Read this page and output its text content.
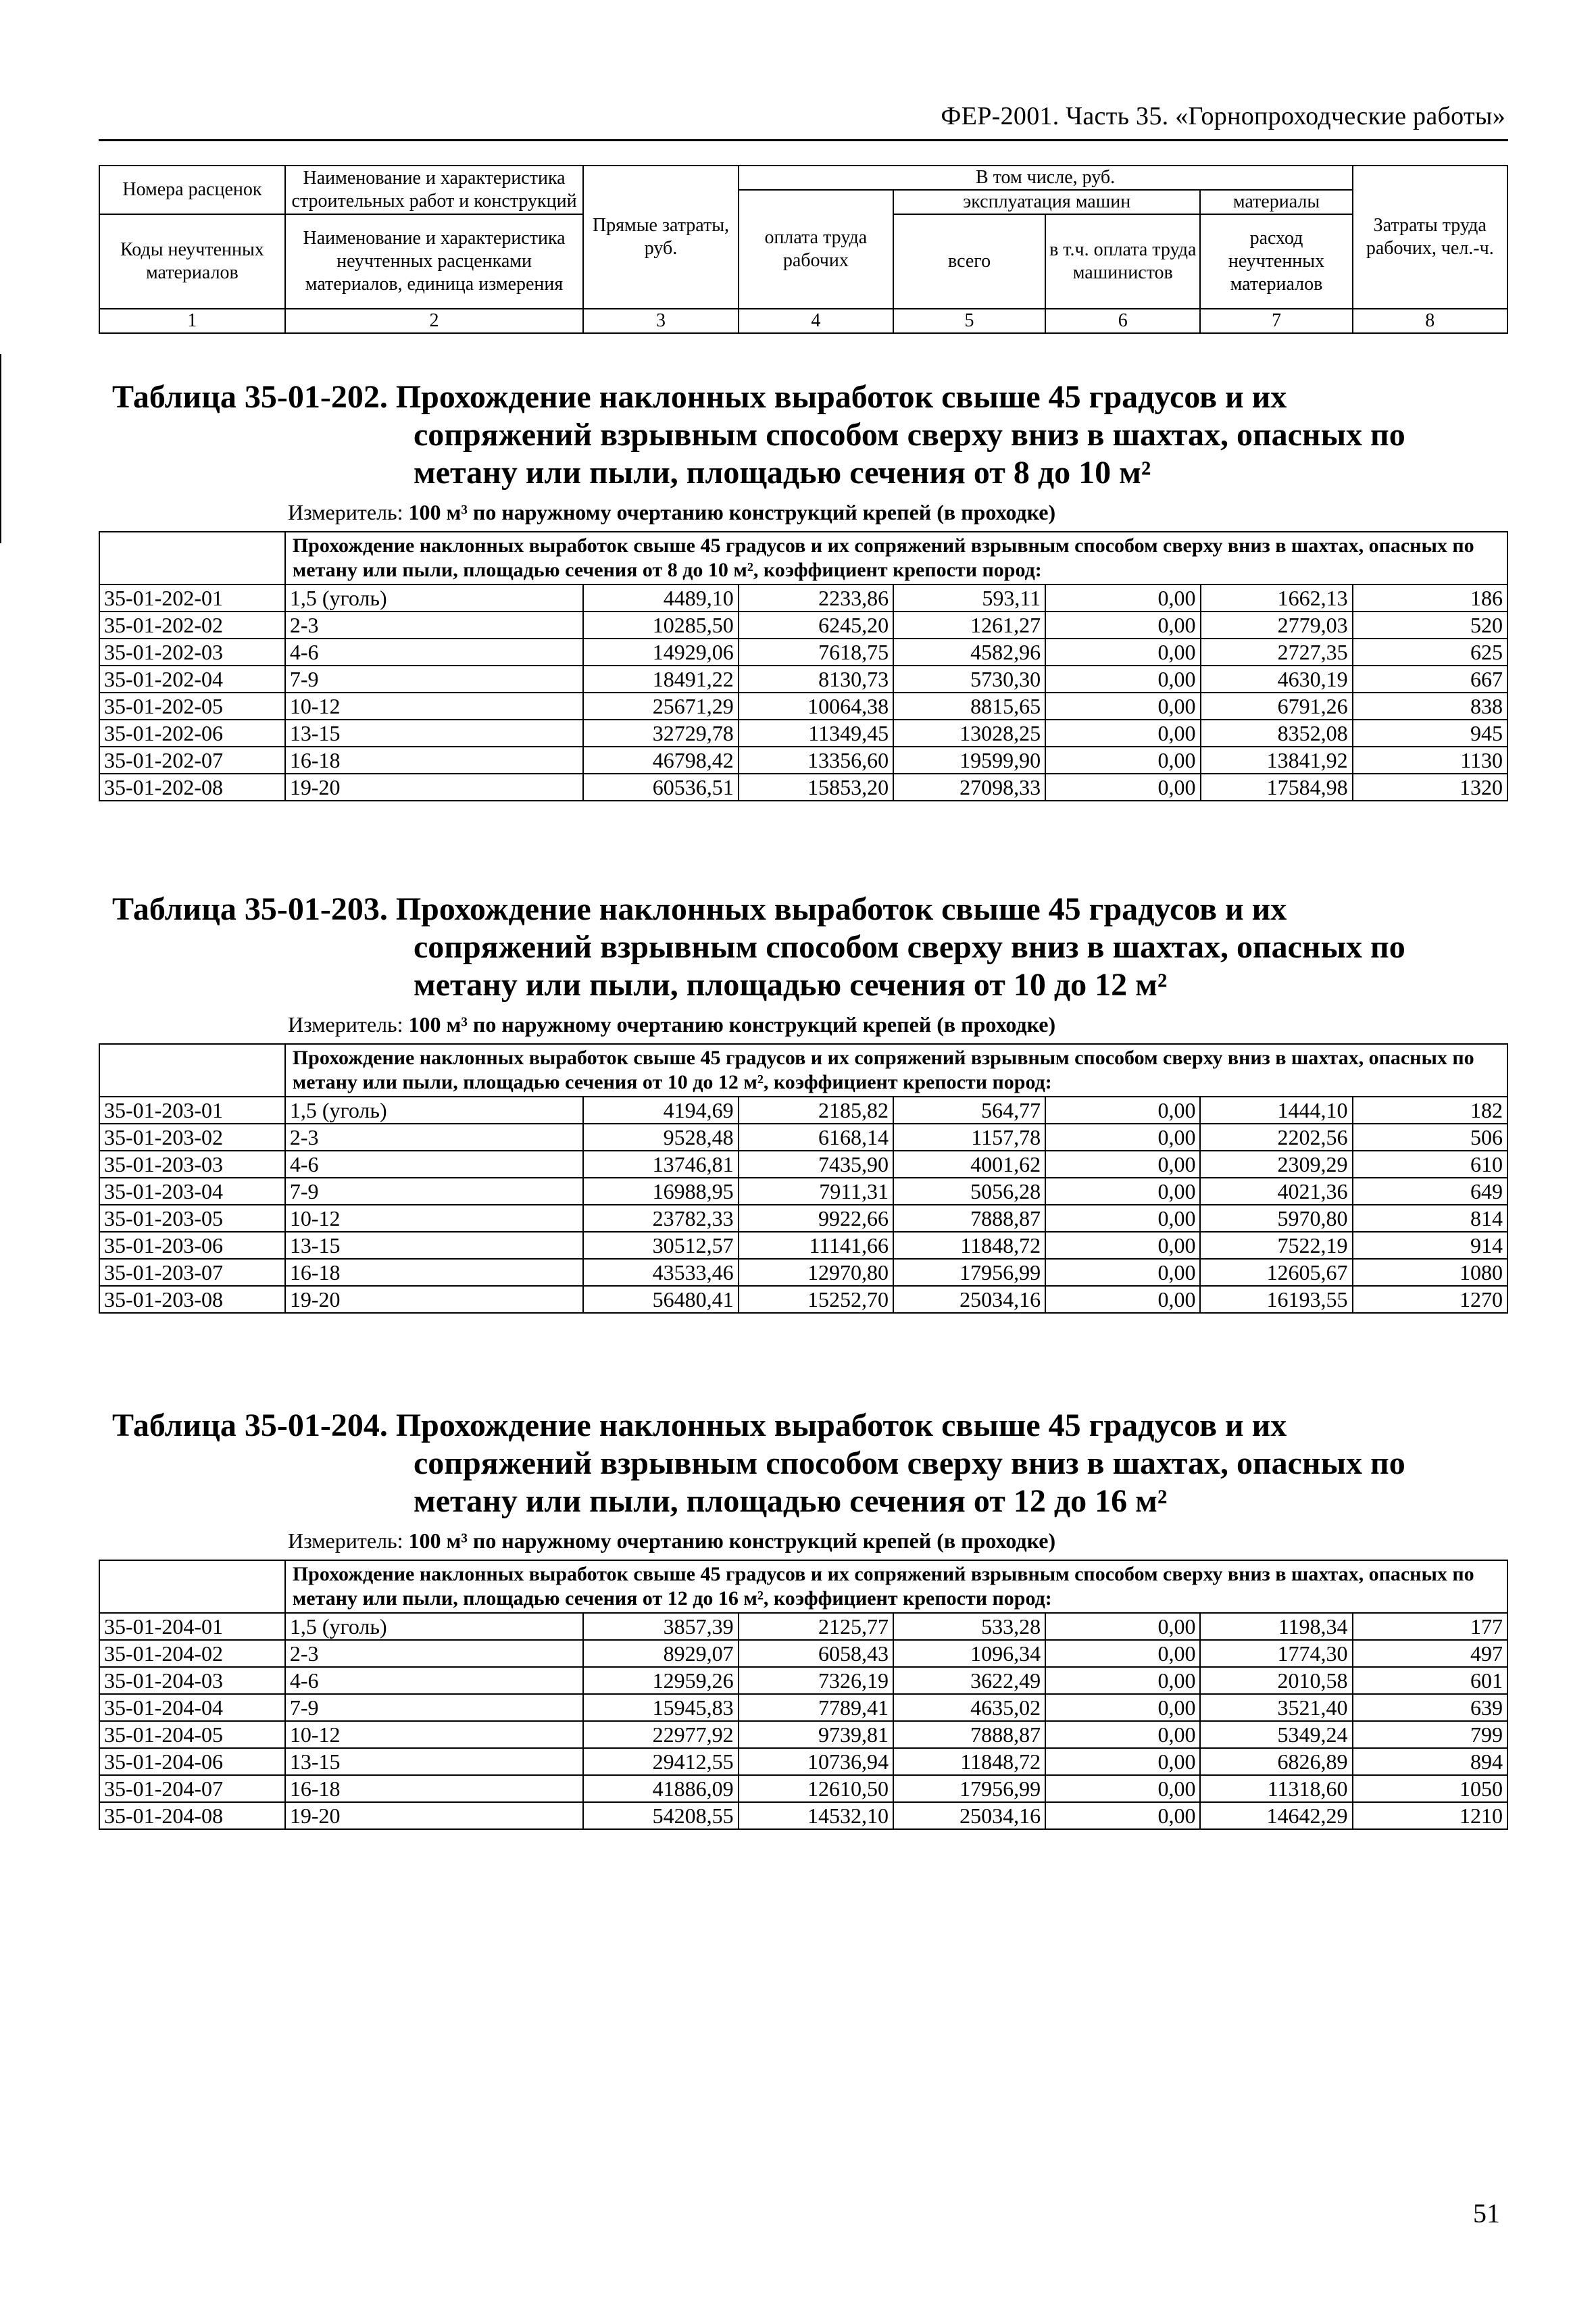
ФЕР-2001. Часть 35. «Горнопроходческие работы»
Номера расценок	Наименование и характеристика строительных работ и конструкций	Прямые затраты, руб.	В том числе, руб.				Затраты труда рабочих, чел.-ч.
			оплата труда рабочих	эксплуатация машин		материалы	
Коды неучтенных материалов	Наименование и характеристика неучтенных расценками материалов, единица измерения			всего	в т.ч. оплата труда машинистов	расход неучтенных материалов	

1	2	3	4	5	6	7	8
Таблица 35-01-202. Прохождение наклонных выработок свыше 45 градусов и их
сопряжений взрывным способом сверху вниз в шахтах, опасных по
метану или пыли, площадью сечения от 8 до 10 м²
Измеритель: 100 м³ по наружному очертанию конструкций крепей (в проходке)
	Прохождение наклонных выработок свыше 45 градусов и их сопряжений взрывным способом сверху вниз в шахтах, опасных по метану или пыли, площадью сечения от 8 до 10 м², коэффициент крепости пород:						
35-01-202-01	1,5 (уголь)	4489,10	2233,86	593,11	0,00	1662,13	186
35-01-202-02	2-3	10285,50	6245,20	1261,27	0,00	2779,03	520
35-01-202-03	4-6	14929,06	7618,75	4582,96	0,00	2727,35	625
35-01-202-04	7-9	18491,22	8130,73	5730,30	0,00	4630,19	667
35-01-202-05	10-12	25671,29	10064,38	8815,65	0,00	6791,26	838
35-01-202-06	13-15	32729,78	11349,45	13028,25	0,00	8352,08	945
35-01-202-07	16-18	46798,42	13356,60	19599,90	0,00	13841,92	1130
35-01-202-08	19-20	60536,51	15853,20	27098,33	0,00	17584,98	1320
Таблица 35-01-203. Прохождение наклонных выработок свыше 45 градусов и их
сопряжений взрывным способом сверху вниз в шахтах, опасных по
метану или пыли, площадью сечения от 10 до 12 м²
Измеритель: 100 м³ по наружному очертанию конструкций крепей (в проходке)
	Прохождение наклонных выработок свыше 45 градусов и их сопряжений взрывным способом сверху вниз в шахтах, опасных по метану или пыли, площадью сечения от 10 до 12 м², коэффициент крепости пород:						
35-01-203-01	1,5 (уголь)	4194,69	2185,82	564,77	0,00	1444,10	182
35-01-203-02	2-3	9528,48	6168,14	1157,78	0,00	2202,56	506
35-01-203-03	4-6	13746,81	7435,90	4001,62	0,00	2309,29	610
35-01-203-04	7-9	16988,95	7911,31	5056,28	0,00	4021,36	649
35-01-203-05	10-12	23782,33	9922,66	7888,87	0,00	5970,80	814
35-01-203-06	13-15	30512,57	11141,66	11848,72	0,00	7522,19	914
35-01-203-07	16-18	43533,46	12970,80	17956,99	0,00	12605,67	1080
35-01-203-08	19-20	56480,41	15252,70	25034,16	0,00	16193,55	1270
Таблица 35-01-204. Прохождение наклонных выработок свыше 45 градусов и их
сопряжений взрывным способом сверху вниз в шахтах, опасных по
метану или пыли, площадью сечения от 12 до 16 м²
Измеритель: 100 м³ по наружному очертанию конструкций крепей (в проходке)
	Прохождение наклонных выработок свыше 45 градусов и их сопряжений взрывным способом сверху вниз в шахтах, опасных по метану или пыли, площадью сечения от 12 до 16 м², коэффициент крепости пород:						
35-01-204-01	1,5 (уголь)	3857,39	2125,77	533,28	0,00	1198,34	177
35-01-204-02	2-3	8929,07	6058,43	1096,34	0,00	1774,30	497
35-01-204-03	4-6	12959,26	7326,19	3622,49	0,00	2010,58	601
35-01-204-04	7-9	15945,83	7789,41	4635,02	0,00	3521,40	639
35-01-204-05	10-12	22977,92	9739,81	7888,87	0,00	5349,24	799
35-01-204-06	13-15	29412,55	10736,94	11848,72	0,00	6826,89	894
35-01-204-07	16-18	41886,09	12610,50	17956,99	0,00	11318,60	1050
35-01-204-08	19-20	54208,55	14532,10	25034,16	0,00	14642,29	1210
51
